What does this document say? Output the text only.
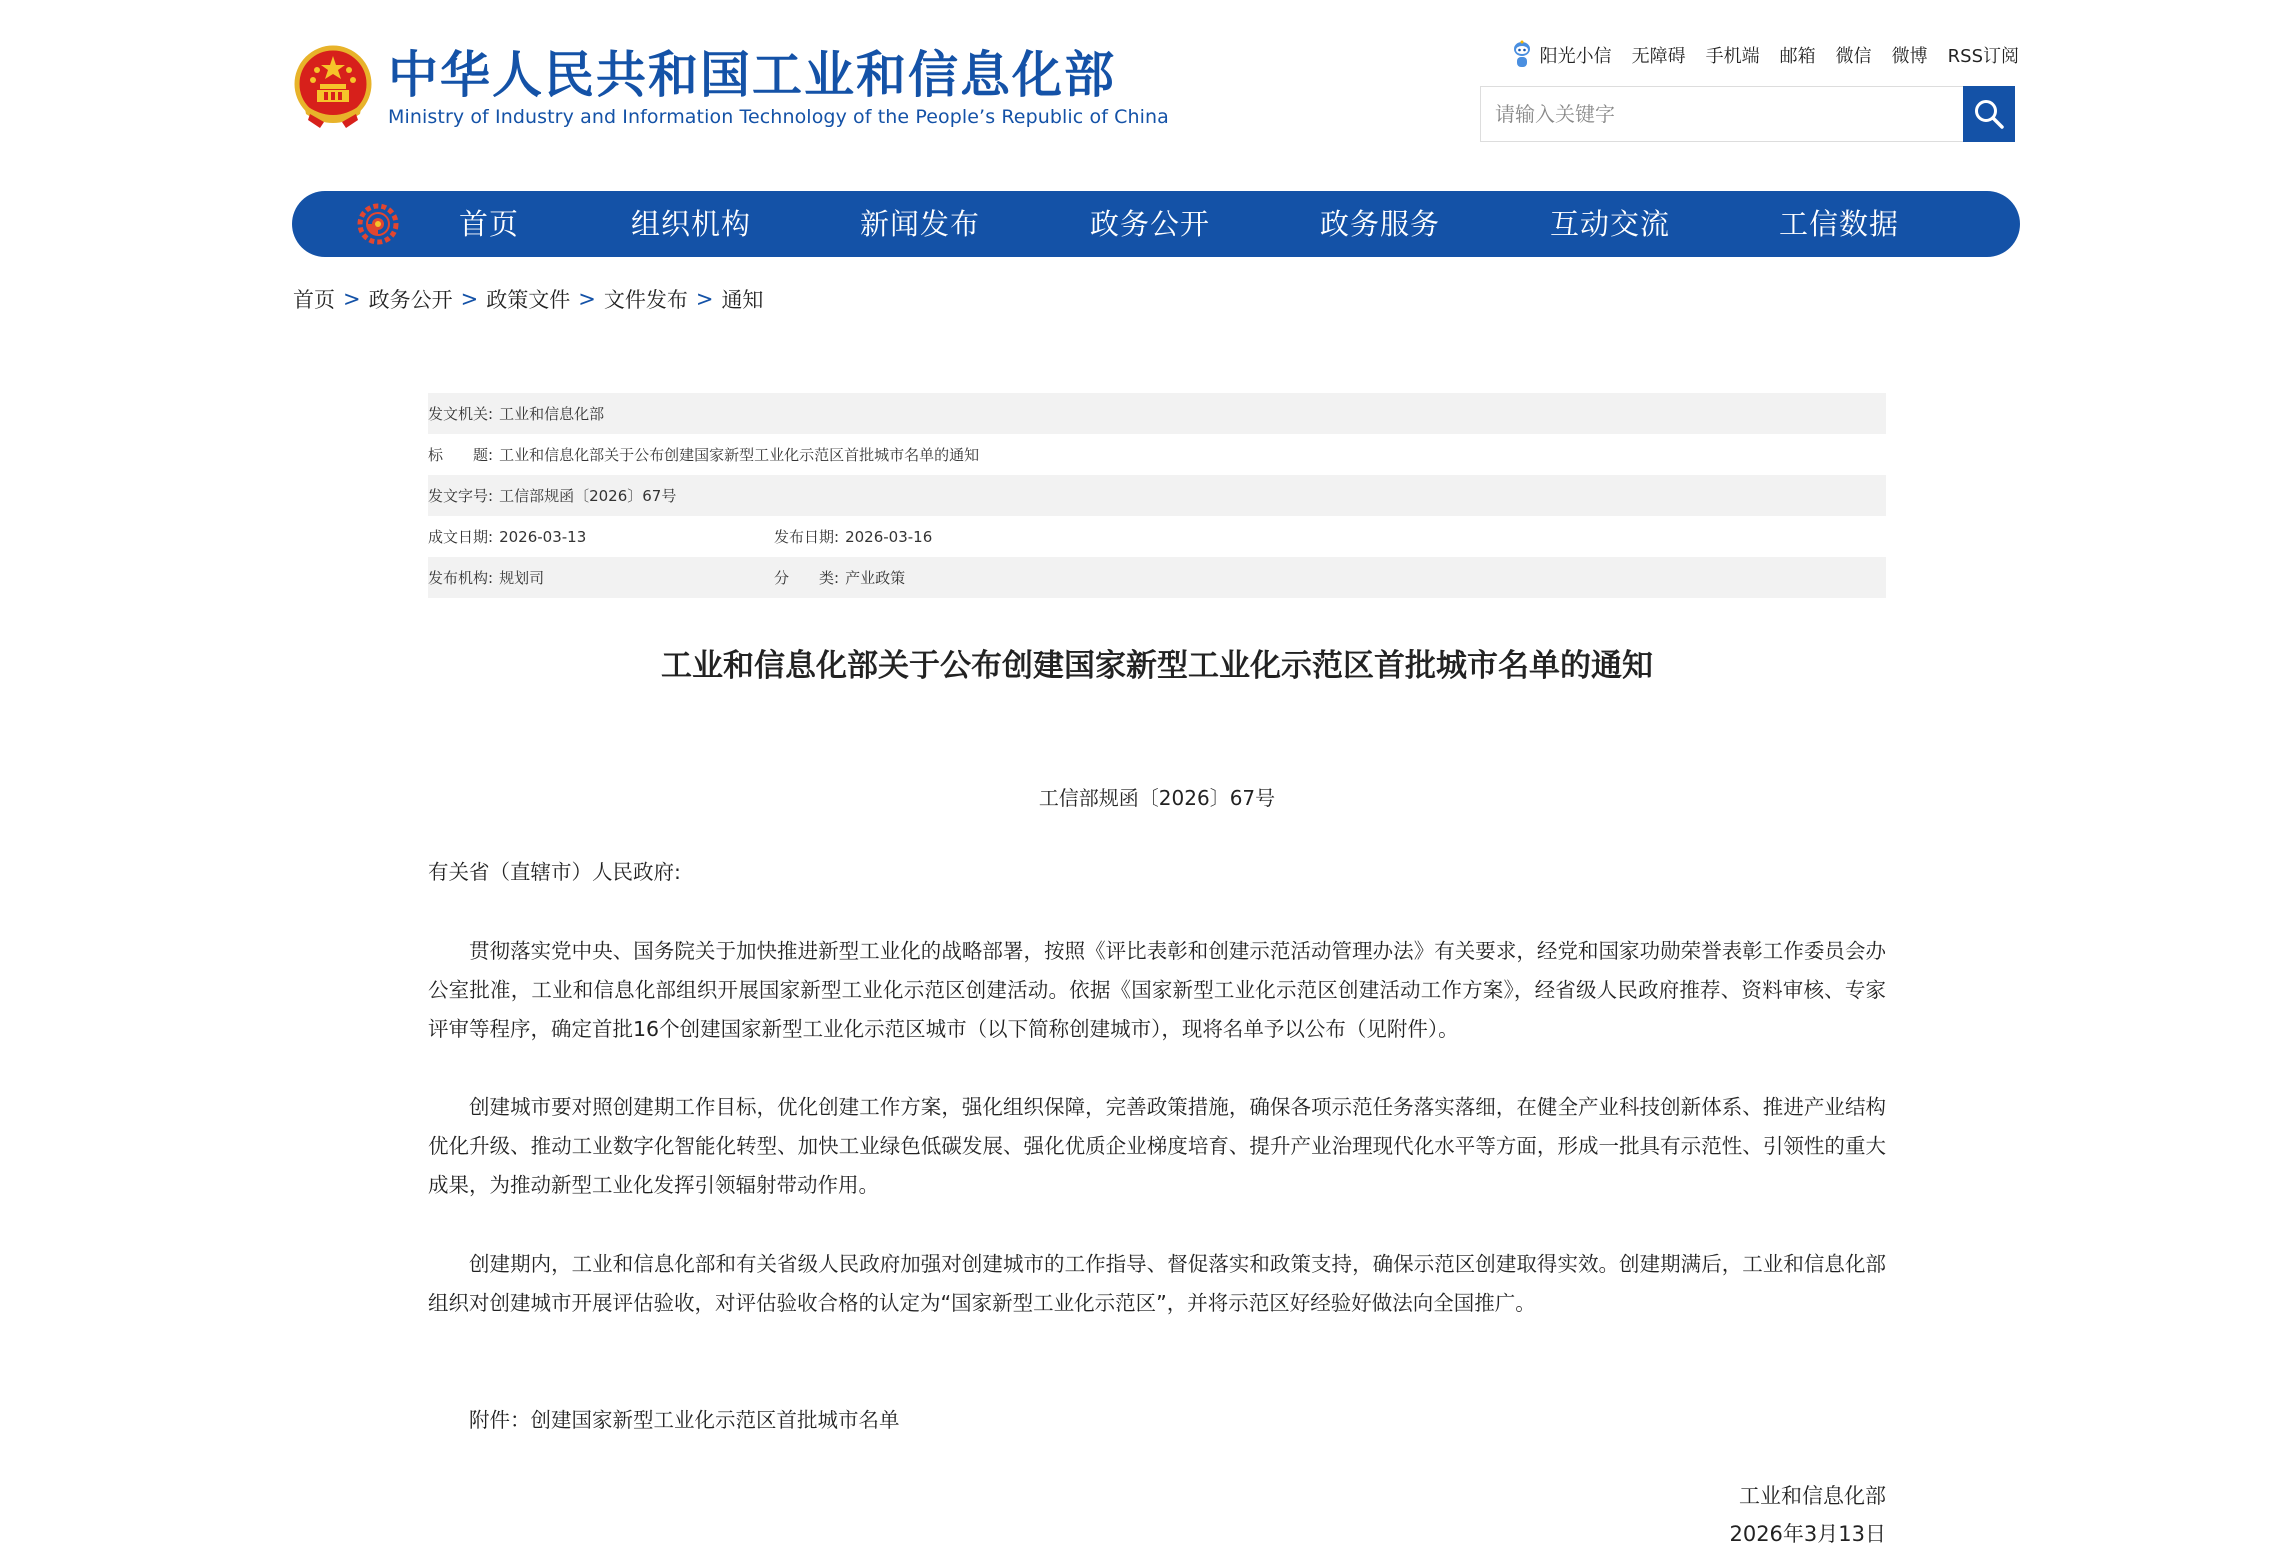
中华人民共和国工业和信息化部
Ministry of Industry and Information Technology of the People’s Republic of China
阳光小信 无障碍 手机端 邮箱 微信 微博 RSS订阅
请输入关键字
首页	组织机构	新闻发布	政务公开	政务服务	互动交流	工信数据
首页 > 政务公开 > 政策文件 > 文件发布 > 通知
发文机关: 工业和信息化部
标　　题: 工业和信息化部关于公布创建国家新型工业化示范区首批城市名单的通知
发文字号: 工信部规函〔2026〕67号
成文日期: 2026-03-13	发布日期: 2026-03-16
发布机构: 规划司	分　　类: 产业政策
工业和信息化部关于公布创建国家新型工业化示范区首批城市名单的通知
工信部规函〔2026〕67号
有关省（直辖市）人民政府:
贯彻落实党中央、国务院关于加快推进新型工业化的战略部署，按照《评比表彰和创建示范活动管理办法》有关要求，经党和国家功勋荣誉表彰工作委员会办公室批准，工业和信息化部组织开展国家新型工业化示范区创建活动。依据《国家新型工业化示范区创建活动工作方案》，经省级人民政府推荐、资料审核、专家评审等程序，确定首批16个创建国家新型工业化示范区城市（以下简称创建城市），现将名单予以公布（见附件）。
创建城市要对照创建期工作目标，优化创建工作方案，强化组织保障，完善政策措施，确保各项示范任务落实落细，在健全产业科技创新体系、推进产业结构优化升级、推动工业数字化智能化转型、加快工业绿色低碳发展、强化优质企业梯度培育、提升产业治理现代化水平等方面，形成一批具有示范性、引领性的重大成果，为推动新型工业化发挥引领辐射带动作用。
创建期内，工业和信息化部和有关省级人民政府加强对创建城市的工作指导、督促落实和政策支持，确保示范区创建取得实效。创建期满后，工业和信息化部组织对创建城市开展评估验收，对评估验收合格的认定为“国家新型工业化示范区”，并将示范区好经验好做法向全国推广。
附件：创建国家新型工业化示范区首批城市名单
工业和信息化部
2026年3月13日
